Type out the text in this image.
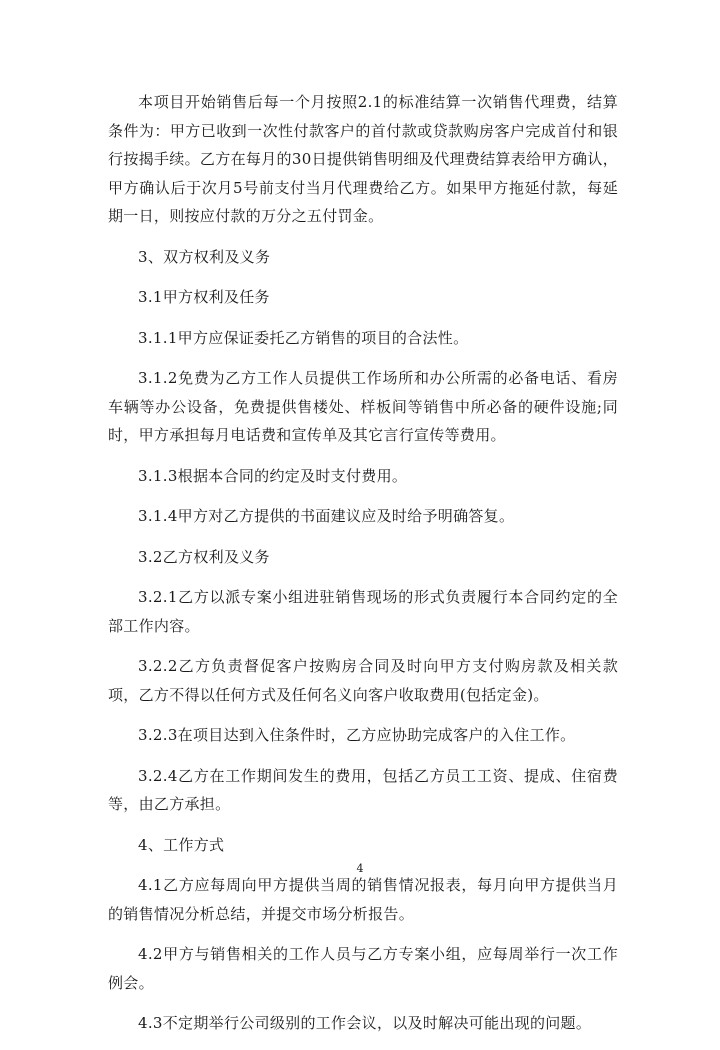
本项目开始销售后每一个月按照2.1的标准结算一次销售代理费，结算条件为：甲方已收到一次性付款客户的首付款或贷款购房客户完成首付和银行按揭手续。乙方在每月的30日提供销售明细及代理费结算表给甲方确认，甲方确认后于次月5号前支付当月代理费给乙方。如果甲方拖延付款，每延期一日，则按应付款的万分之五付罚金。

3、双方权利及义务

3.1甲方权利及任务

3.1.1甲方应保证委托乙方销售的项目的合法性。

3.1.2免费为乙方工作人员提供工作场所和办公所需的必备电话、看房车辆等办公设备，免费提供售楼处、样板间等销售中所必备的硬件设施;同时，甲方承担每月电话费和宣传单及其它言行宣传等费用。

3.1.3根据本合同的约定及时支付费用。

3.1.4甲方对乙方提供的书面建议应及时给予明确答复。

3.2乙方权利及义务

3.2.1乙方以派专案小组进驻销售现场的形式负责履行本合同约定的全部工作内容。

3.2.2乙方负责督促客户按购房合同及时向甲方支付购房款及相关款项，乙方不得以任何方式及任何名义向客户收取费用(包括定金)。

3.2.3在项目达到入住条件时，乙方应协助完成客户的入住工作。

3.2.4乙方在工作期间发生的费用，包括乙方员工工资、提成、住宿费等，由乙方承担。

4、工作方式

4.1乙方应每周向甲方提供当周的销售情况报表，每月向甲方提供当月的销售情况分析总结，并提交市场分析报告。

4.2甲方与销售相关的工作人员与乙方专案小组，应每周举行一次工作例会。

4.3不定期举行公司级别的工作会议，以及时解决可能出现的问题。

4
